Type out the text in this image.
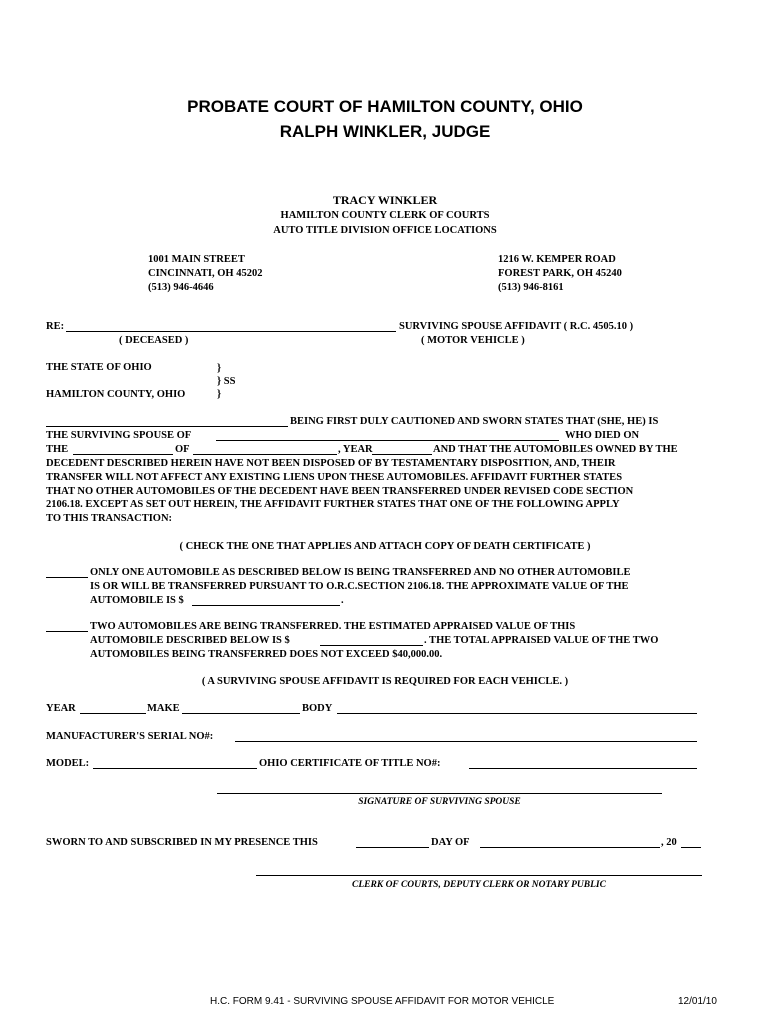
PROBATE COURT OF HAMILTON COUNTY, OHIO
RALPH WINKLER, JUDGE
TRACY WINKLER
HAMILTON COUNTY CLERK OF COURTS
AUTO TITLE DIVISION OFFICE LOCATIONS
1001 MAIN STREET
CINCINNATI, OH 45202
(513) 946-4646
1216 W. KEMPER ROAD
FOREST PARK, OH 45240
(513) 946-8161
RE:	SURVIVING SPOUSE AFFIDAVIT ( R.C. 4505.10 )
( DECEASED )	( MOTOR VEHICLE )
THE STATE OF OHIO	}
} SS
HAMILTON COUNTY, OHIO	}
BEING FIRST DULY CAUTIONED AND SWORN STATES THAT (SHE, HE) IS
THE SURVIVING SPOUSE OF	WHO DIED ON
THE	OF	, YEAR	AND THAT THE AUTOMOBILES OWNED BY THE
DECEDENT DESCRIBED HEREIN HAVE NOT BEEN DISPOSED OF BY TESTAMENTARY DISPOSITION, AND, THEIR
TRANSFER WILL NOT AFFECT ANY EXISTING LIENS UPON THESE AUTOMOBILES. AFFIDAVIT FURTHER STATES
THAT NO OTHER AUTOMOBILES OF THE DECEDENT HAVE BEEN TRANSFERRED UNDER REVISED CODE SECTION
2106.18. EXCEPT AS SET OUT HEREIN, THE AFFIDAVIT FURTHER STATES THAT ONE OF THE FOLLOWING APPLY
TO THIS TRANSACTION:
( CHECK THE ONE THAT APPLIES AND ATTACH COPY OF DEATH CERTIFICATE )
ONLY ONE AUTOMOBILE AS DESCRIBED BELOW IS BEING TRANSFERRED AND NO OTHER AUTOMOBILE
IS OR WILL BE TRANSFERRED PURSUANT TO O.R.C.SECTION 2106.18. THE APPROXIMATE VALUE OF THE
AUTOMOBILE IS $	.
TWO AUTOMOBILES ARE BEING TRANSFERRED. THE ESTIMATED APPRAISED VALUE OF THIS
AUTOMOBILE DESCRIBED BELOW IS $	. THE TOTAL APPRAISED VALUE OF THE TWO
AUTOMOBILES BEING TRANSFERRED DOES NOT EXCEED $40,000.00.
( A SURVIVING SPOUSE AFFIDAVIT IS REQUIRED FOR EACH VEHICLE. )
YEAR	MAKE	BODY
MANUFACTURER'S SERIAL NO#:
MODEL:	OHIO CERTIFICATE OF TITLE NO#:
SIGNATURE OF SURVIVING SPOUSE
SWORN TO AND SUBSCRIBED IN MY PRESENCE THIS	DAY OF	, 20
CLERK OF COURTS, DEPUTY CLERK OR NOTARY PUBLIC
H.C. FORM 9.41 - SURVIVING SPOUSE AFFIDAVIT FOR MOTOR VEHICLE	12/01/10
